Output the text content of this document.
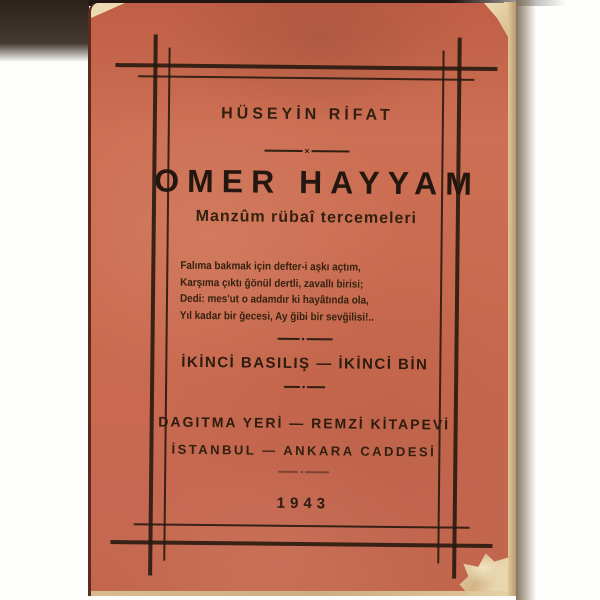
HÜSEYİN RİFAT
×
OMER HAYYAM
Manzûm rübaî tercemeleri
Falıma bakmak için defter-i aşkı açtım,
Karşıma çıktı ğönül dertli, zavallı birisi;
Dedi: mes'ut o adamdır ki hayâtında ola,
Yıl kadar bir ğecesi, Ay ğibi bir sevğilisi!..
•
İKİNCİ BASILIŞ — İKİNCİ BİN
•
DAGITMA YERİ — REMZİ KİTAPEVİ
İSTANBUL — ANKARA CADDESİ
•
1943
